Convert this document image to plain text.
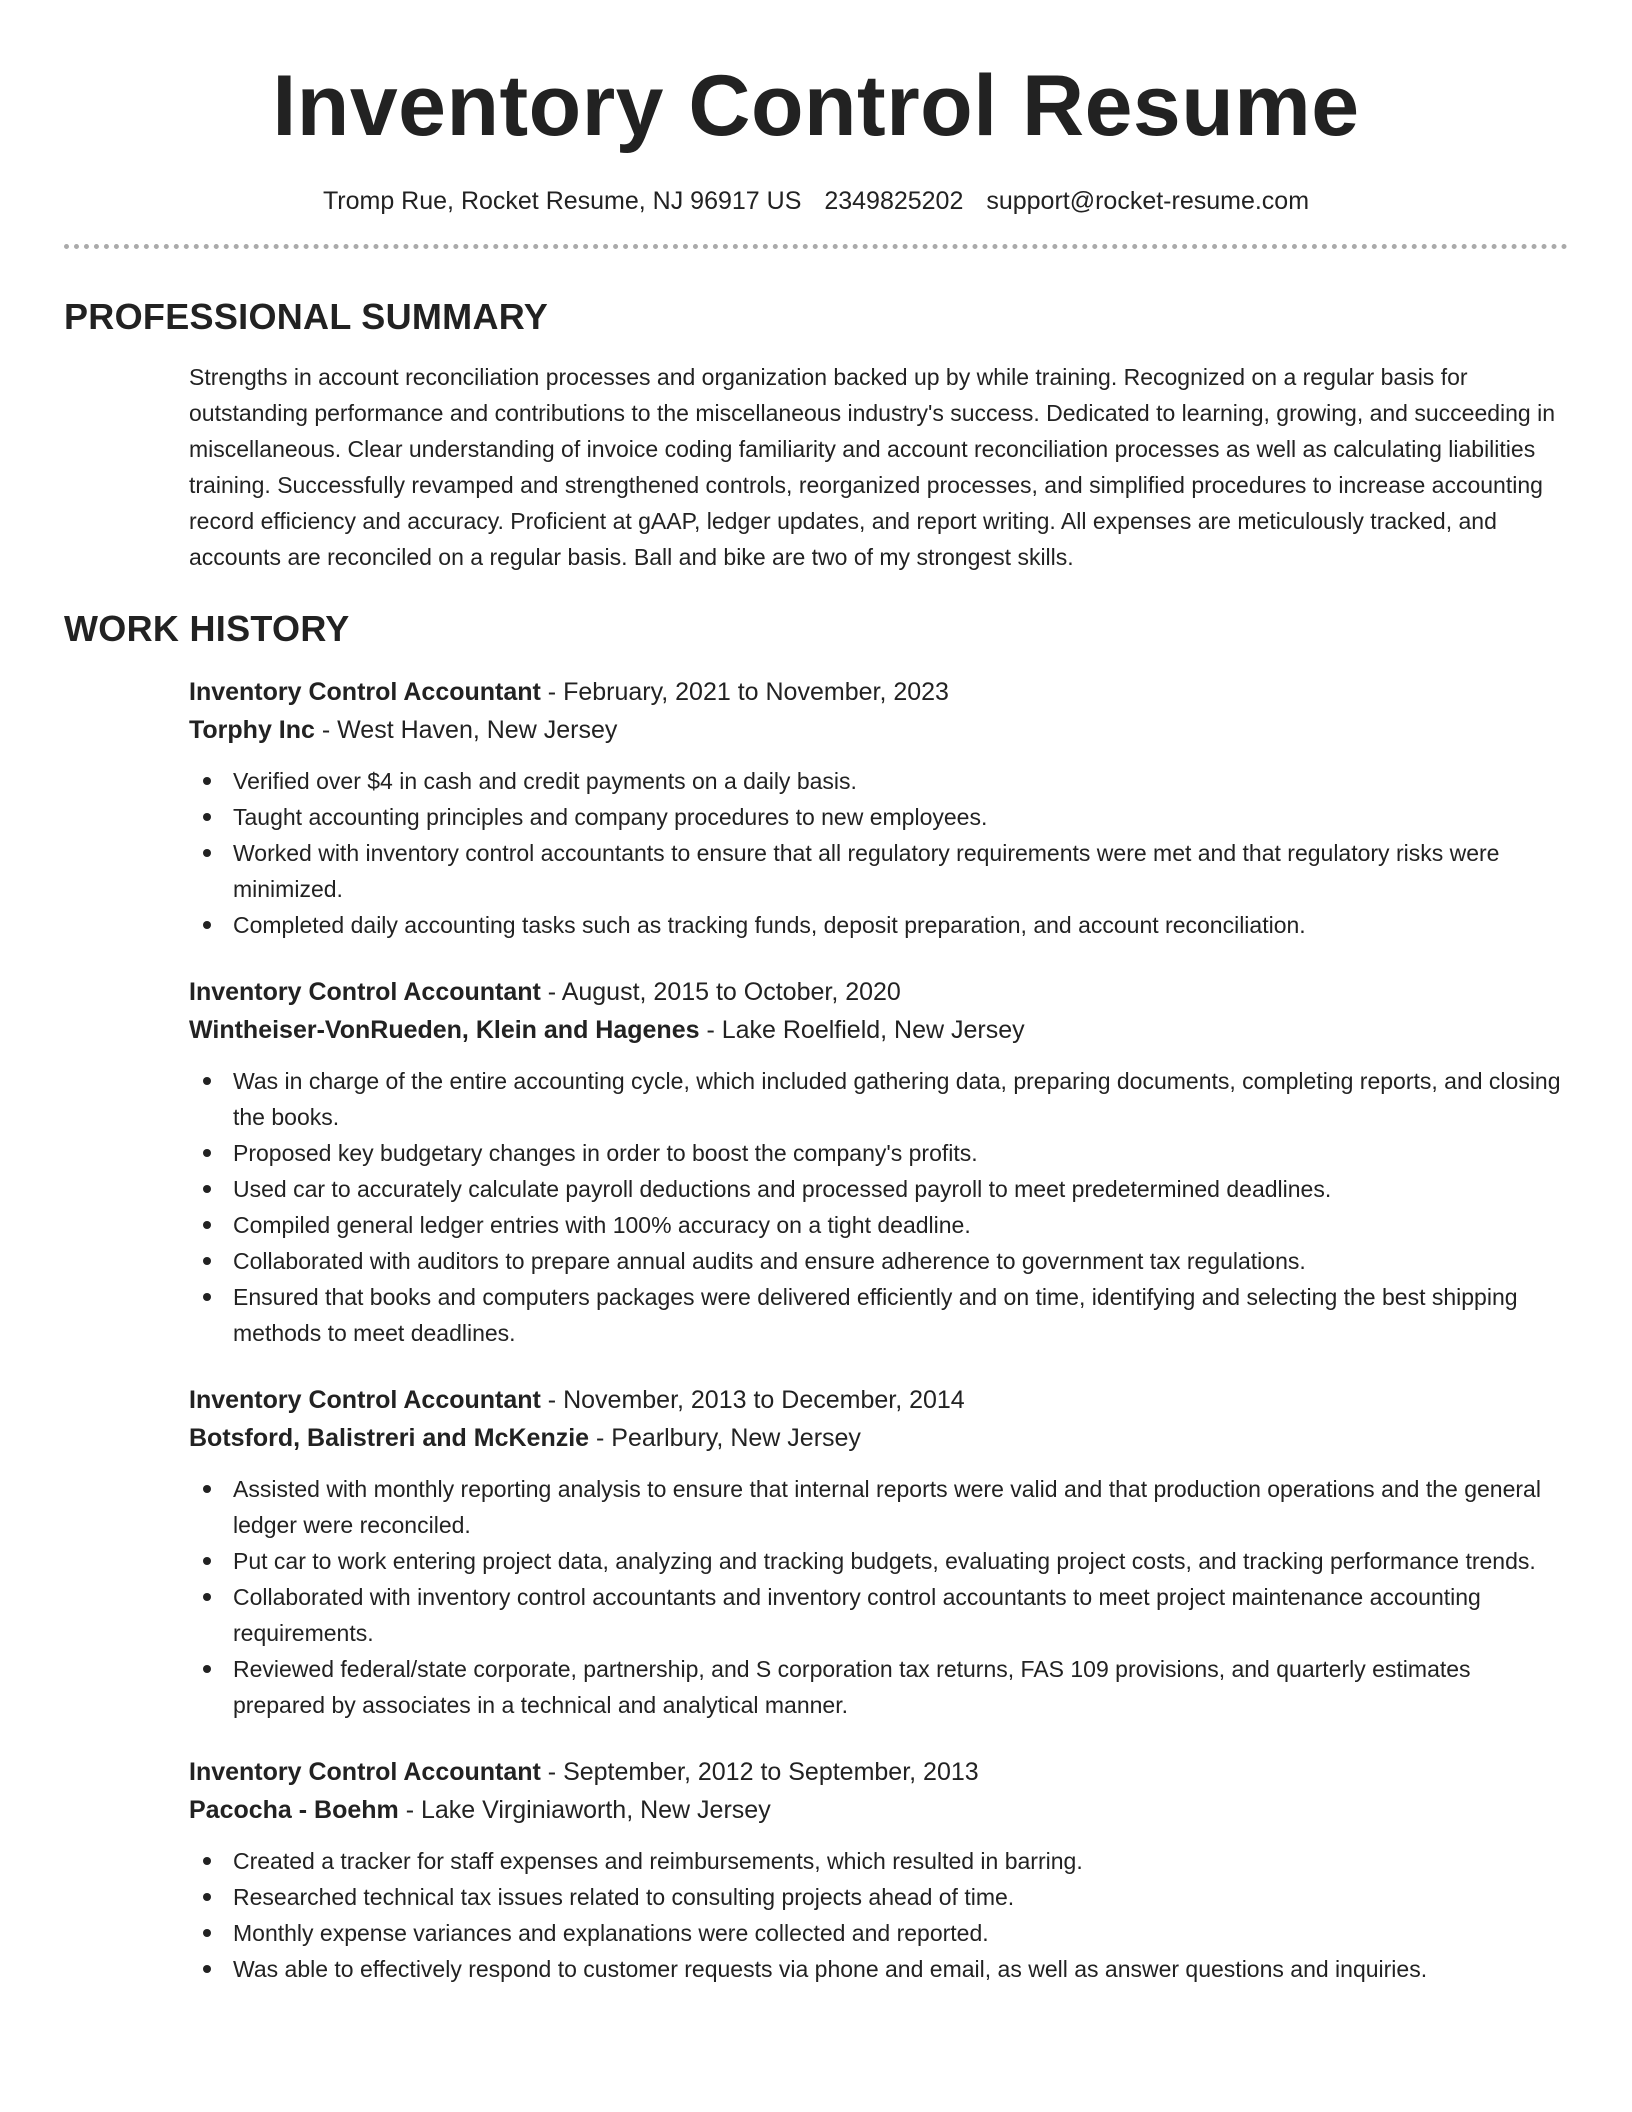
Inventory Control Resume
Tromp Rue, Rocket Resume, NJ 96917 US 2349825202 support@rocket-resume.com
PROFESSIONAL SUMMARY

Strengths in account reconciliation processes and organization backed up by while training. Recognized on a regular basis for outstanding performance and contributions to the miscellaneous industry's success. Dedicated to learning, growing, and succeeding in miscellaneous. Clear understanding of invoice coding familiarity and account reconciliation processes as well as calculating liabilities training. Successfully revamped and strengthened controls, reorganized processes, and simplified procedures to increase accounting record efficiency and accuracy. Proficient at gAAP, ledger updates, and report writing. All expenses are meticulously tracked, and accounts are reconciled on a regular basis. Ball and bike are two of my strongest skills.

WORK HISTORY
Inventory Control Accountant - February, 2021 to November, 2023
Torphy Inc - West Haven, New Jersey
Verified over $4 in cash and credit payments on a daily basis.
Taught accounting principles and company procedures to new employees.
Worked with inventory control accountants to ensure that all regulatory requirements were met and that regulatory risks were minimized.
Completed daily accounting tasks such as tracking funds, deposit preparation, and account reconciliation.
Inventory Control Accountant - August, 2015 to October, 2020
Wintheiser-VonRueden, Klein and Hagenes - Lake Roelfield, New Jersey
Was in charge of the entire accounting cycle, which included gathering data, preparing documents, completing reports, and closing the books.
Proposed key budgetary changes in order to boost the company's profits.
Used car to accurately calculate payroll deductions and processed payroll to meet predetermined deadlines.
Compiled general ledger entries with 100% accuracy on a tight deadline.
Collaborated with auditors to prepare annual audits and ensure adherence to government tax regulations.
Ensured that books and computers packages were delivered efficiently and on time, identifying and selecting the best shipping methods to meet deadlines.
Inventory Control Accountant - November, 2013 to December, 2014
Botsford, Balistreri and McKenzie - Pearlbury, New Jersey
Assisted with monthly reporting analysis to ensure that internal reports were valid and that production operations and the general ledger were reconciled.
Put car to work entering project data, analyzing and tracking budgets, evaluating project costs, and tracking performance trends.
Collaborated with inventory control accountants and inventory control accountants to meet project maintenance accounting requirements.
Reviewed federal/state corporate, partnership, and S corporation tax returns, FAS 109 provisions, and quarterly estimates prepared by associates in a technical and analytical manner.
Inventory Control Accountant - September, 2012 to September, 2013
Pacocha - Boehm - Lake Virginiaworth, New Jersey
Created a tracker for staff expenses and reimbursements, which resulted in barring.
Researched technical tax issues related to consulting projects ahead of time.
Monthly expense variances and explanations were collected and reported.
Was able to effectively respond to customer requests via phone and email, as well as answer questions and inquiries.
